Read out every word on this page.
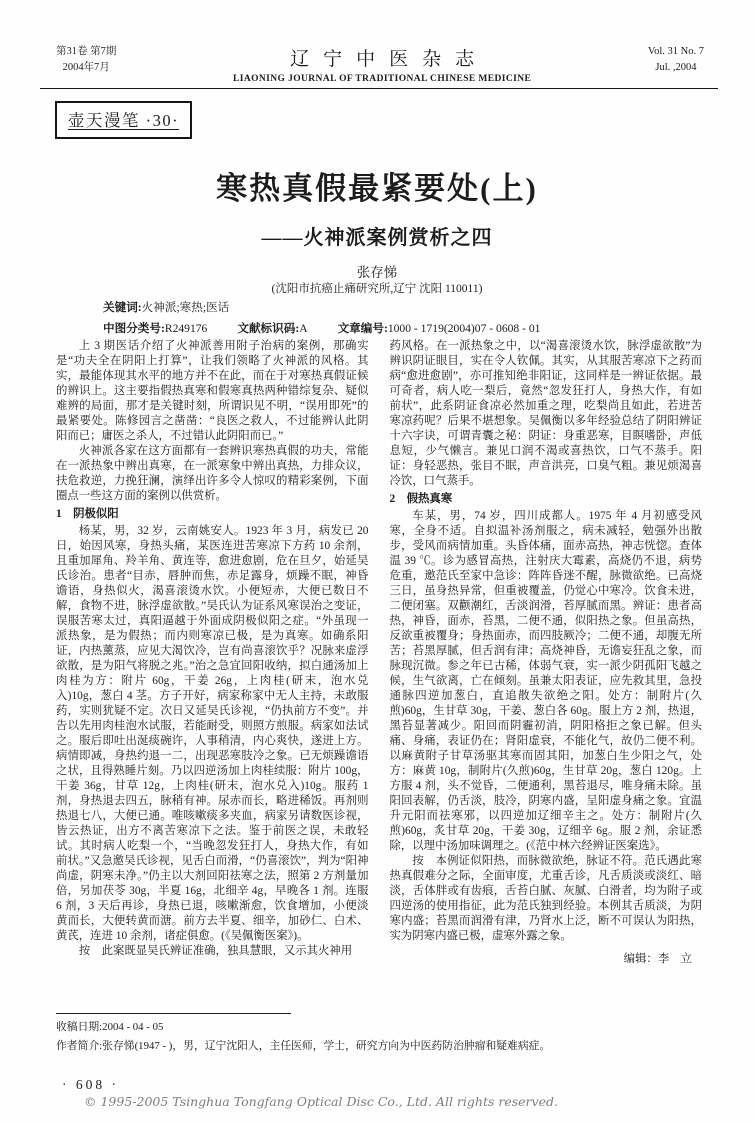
第31卷 第7期
2004年7月	辽宁中医杂志
LIAONING JOURNAL OF TRADITIONAL CHINESE MEDICINE
Vol. 31 No. 7
Jul. ,2004
壶天漫笔 ·30·
寒热真假最紧要处(上)
——火神派案例赏析之四
张存悌
(沈阳市抗癌止痛研究所,辽宁 沈阳 110011)
关键词:火神派;寒热;医话
中图分类号:R249176	文献标识码:A	文章编号:1000 - 1719(2004)07 - 0608 - 01
上 3 期医话介绍了火神派善用附子治病的案例，那确实是“功夫全在阴阳上打算”，让我们领略了火神派的风格。其实，最能体现其水平的地方并不在此，而在于对寒热真假证候的辨识上。这主要指假热真寒和假寒真热两种错综复杂、疑似难辨的局面，那才是关键时刻，所谓识见不明，“误用即死”的最紧要处。陈修园言之凿凿：“良医之救人，不过能辨认此阴阳而已；庸医之杀人，不过错认此阴阳而已。”
火神派各家在这方面都有一套辨识寒热真假的功夫，常能在一派热象中辨出真寒，在一派寒象中辨出真热，力排众议，扶危救逆，力挽狂澜，演绎出许多令人惊叹的精彩案例，下面圈点一些这方面的案例以供赏析。
1　阴极似阳
杨某，男，32 岁，云南姚安人。1923 年 3 月，病发已 20 日，始因风寒，身热头痛，某医连进苦寒凉下方药 10 余剂，且重加犀角、羚羊角、黄连等，愈进愈剧，危在旦夕，始延吴氏诊治。患者“目赤，唇肿而焦，赤足露身，烦躁不眠，神昏谵语，身热似火，渴喜滚烫水饮。小便短赤，大便已数日不解，食物不进，脉浮虚欲散。”吴氏认为证系风寒误治之变证，误服苦寒太过，真阳逼越于外面成阴极似阳之症。“外虽现一派热象，是为假热；而内则寒凉已极，是为真寒。如确系阳证，内热薰蒸，应见大渴饮冷，岂有尚喜滚饮乎？况脉来虚浮欲散，是为阳气将脱之兆。”治之急宜回阳收纳，拟白通汤加上肉桂为方：附片 60g，干姜 26g，上肉桂(研末，泡水兑入)10g，葱白 4 茎。方子开好，病家称家中无人主持，未敢服药，实则犹疑不定。次日又延吴氏诊视，“仍执前方不变”。并告以先用肉桂泡水试服，若能耐受，则照方煎服。病家如法试之。服后即吐出涎痰碗许，人事稍清，内心爽快，遂进上方。病情即减，身热约退一二，出现恶寒肢冷之象。已无烦躁谵语之状，且得熟睡片刻。乃以四逆汤加上肉桂续服：附片 100g，干姜 36g，甘草 12g，上肉桂(研末，泡水兑入)10g。服药 1 剂，身热退去四五，脉稍有神。尿赤而长，略进稀饭。再剂则热退七八，大便已通。唯咳嗽痰多夹血，病家另请数医诊视，皆云热证，出方不离苦寒凉下之法。鉴于前医之误，未敢轻试。其时病人吃梨一个，“当晚忽发狂打人，身热大作，有如前状。”又急邀吴氏诊视，见舌白而滑，“仍喜滚饮”，判为“阳神尚虚，阴寒未净。”仍主以大剂回阳祛寒之法，照第 2 方剂量加倍，另加茯苓 30g，半夏 16g，北细辛 4g，早晚各 1 剂。连服 6 剂，3 天后再诊，身热已退，咳嗽渐愈，饮食增加，小便淡黄而长，大便转黄而溏。前方去半夏、细辛，加砂仁、白术、黄芪，连进 10 余剂，诸症俱愈。(《吴佩衡医案》)。
按　此案既显吴氏辨证准确，独具慧眼，又示其火神用
药风格。在一派热象之中，以“渴喜滚烫水饮，脉浮虚欲散”为辨识阴证眼目，实在令人钦佩。其实，从其服苦寒凉下之药而病“愈进愈剧”，亦可推知绝非阳证，这同样是一辨证依据。最可奇者，病人吃一梨后，竟然“忽发狂打人，身热大作，有如前状”，此系阴证食凉必然加重之理，吃梨尚且如此，若进苦寒凉药呢？后果不堪想象。吴佩衡以多年经验总结了阴阳辨证十六字诀，可谓青囊之秘：阴证：身重恶寒，目瞑嗜卧，声低息短，少气懒言。兼见口润不渴或喜热饮，口气不蒸手。阳证：身轻恶热，张目不眠，声音洪亮，口臭气粗。兼见烦渴喜冷饮，口气蒸手。
2　假热真寒
车某，男，74 岁，四川成都人。1975 年 4 月初感受风寒，全身不适。自拟温补汤剂服之，病未减轻，勉强外出散步，受风而病情加重。头昏体痛，面赤高热，神志恍惚。查体温 39 ℃。诊为感冒高热，注射庆大霉素，高烧仍不退，病势危重，邀范氏至家中急诊：阵阵昏迷不醒，脉微欲绝。已高烧三日，虽身热异常，但重被覆盖，仍觉心中寒冷。饮食未进，二便闭塞。双颧潮红，舌淡润滑，苔厚腻而黑。辨证：患者高热，神昏，面赤，苔黑，二便不通，似阳热之象。但虽高热，反欲重被覆身；身热面赤，而四肢厥冷；二便不通，却腹无所苦；苔黑厚腻，但舌润有津；高烧神昏，无谵妄狂乱之象，而脉现沉微。参之年已古稀，体弱气衰，实一派少阴孤阳飞越之候，生气欲离，亡在倾刻。虽兼太阳表证，应先救其里，急投通脉四逆加葱白，直追散失欲绝之阳。处方：制附片(久煎)60g，生甘草 30g，干姜、葱白各 60g。服上方 2 剂，热退，黑苔显著减少。阳回而阴霾初消，阴阳格拒之象已解。但头痛、身痛，表证仍在；肾阳虚衰，不能化气，故仍二便不利。以麻黄附子甘草汤驱其寒而固其阳，加葱白生少阳之气，处方：麻黄 10g，制附片(久煎)60g，生甘草 20g，葱白 120g。上方服 4 剂，头不觉昏，二便通利，黑苔退尽，唯身痛未除。虽阳回表解，仍舌淡，肢冷，阴寒内盛，呈阳虚身痛之象。宜温升元阳而祛寒邪，以四逆加辽细辛主之。处方：制附片(久煎)60g，炙甘草 20g，干姜 30g，辽细辛 6g。服 2 剂，余证悉除，以理中汤加味调理之。(《范中林六经辨证医案选》。
按　本例证似阳热，而脉微欲绝，脉证不符。范氏遇此寒热真假难分之际，全面审度，尤重舌诊，凡舌质淡或淡红、暗淡，舌体胖或有齿痕，舌苔白腻、灰腻、白滑者，均为附子或四逆汤的使用指征，此为范氏独到经验。本例其舌质淡，为阴寒内盛；苔黑而润滑有津，乃肾水上泛，断不可误认为阳热，实为阴寒内盛已极，虚寒外露之象。
编辑：李　立
收稿日期:2004 - 04 - 05
作者简介:张存悌(1947 - )，男，辽宁沈阳人，主任医师，学士，研究方向为中医药防治肿瘤和疑难病症。
· 608 ·
© 1995-2005 Tsinghua Tongfang Optical Disc Co., Ltd. All rights reserved.
